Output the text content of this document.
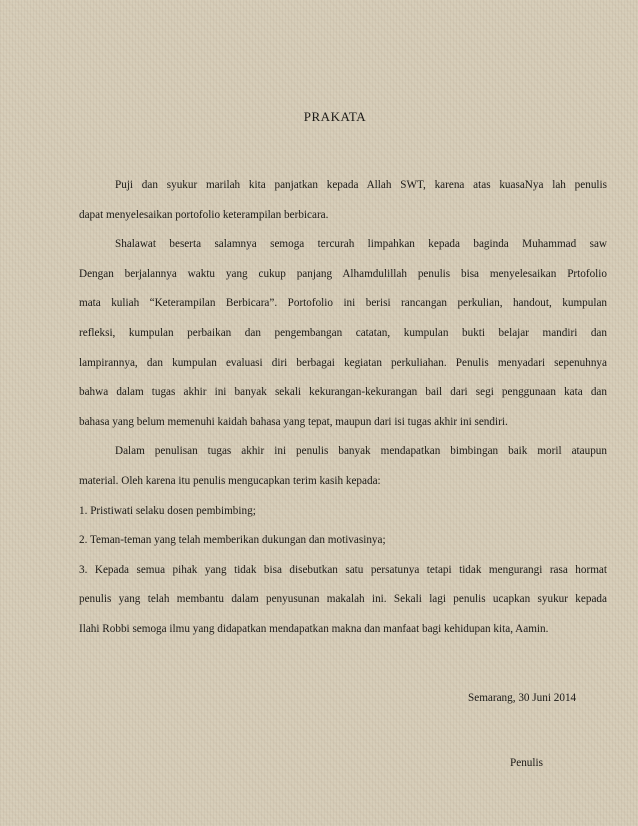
PRAKATA
Puji dan syukur marilah kita panjatkan kepada Allah SWT, karena atas kuasaNya lah penulis
dapat menyelesaikan portofolio keterampilan berbicara.
Shalawat beserta salamnya semoga tercurah limpahkan kepada baginda Muhammad saw
Dengan berjalannya waktu yang cukup panjang Alhamdulillah penulis bisa menyelesaikan Prtofolio
mata kuliah “Keterampilan Berbicara”. Portofolio ini berisi rancangan perkulian, handout, kumpulan
refleksi, kumpulan perbaikan dan pengembangan catatan, kumpulan bukti belajar mandiri dan
lampirannya, dan kumpulan evaluasi diri berbagai kegiatan perkuliahan. Penulis menyadari sepenuhnya
bahwa dalam tugas akhir ini banyak sekali kekurangan-kekurangan bail dari segi penggunaan kata dan
bahasa yang belum memenuhi kaidah bahasa yang tepat, maupun dari isi tugas akhir ini sendiri.
Dalam penulisan tugas akhir ini penulis banyak mendapatkan bimbingan baik moril ataupun
material. Oleh karena itu penulis mengucapkan terim kasih kepada:
1. Pristiwati selaku dosen pembimbing;
2. Teman-teman yang telah memberikan dukungan dan motivasinya;
3. Kepada semua pihak yang tidak bisa disebutkan satu persatunya tetapi tidak mengurangi rasa hormat
penulis yang telah membantu dalam penyusunan makalah ini. Sekali lagi penulis ucapkan syukur kepada
Ilahi Robbi semoga ilmu yang didapatkan mendapatkan makna dan manfaat bagi kehidupan kita, Aamin.
Semarang, 30 Juni 2014
Penulis
